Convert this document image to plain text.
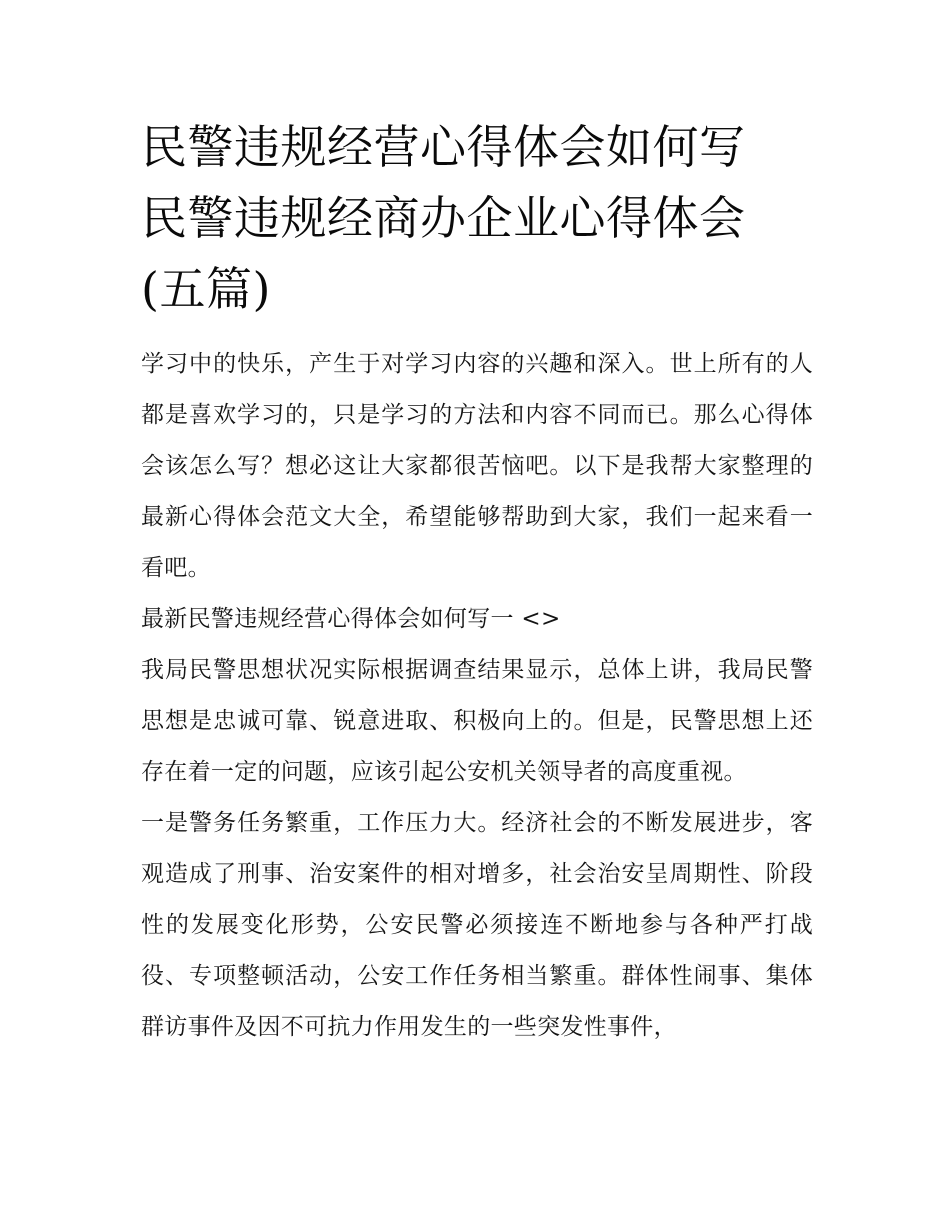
民警违规经营心得体会如何写
民警违规经商办企业心得体会
(五篇)

学习中的快乐，产生于对学习内容的兴趣和深入。世上所有的人都是喜欢学习的，只是学习的方法和内容不同而已。那么心得体会该怎么写？想必这让大家都很苦恼吧。以下是我帮大家整理的最新心得体会范文大全，希望能够帮助到大家，我们一起来看一看吧。

最新民警违规经营心得体会如何写一 <>

我局民警思想状况实际根据调查结果显示，总体上讲，我局民警思想是忠诚可靠、锐意进取、积极向上的。但是，民警思想上还存在着一定的问题，应该引起公安机关领导者的高度重视。

一是警务任务繁重，工作压力大。经济社会的不断发展进步，客观造成了刑事、治安案件的相对增多，社会治安呈周期性、阶段性的发展变化形势，公安民警必须接连不断地参与各种严打战役、专项整顿活动，公安工作任务相当繁重。群体性闹事、集体群访事件及因不可抗力作用发生的一些突发性事件，
